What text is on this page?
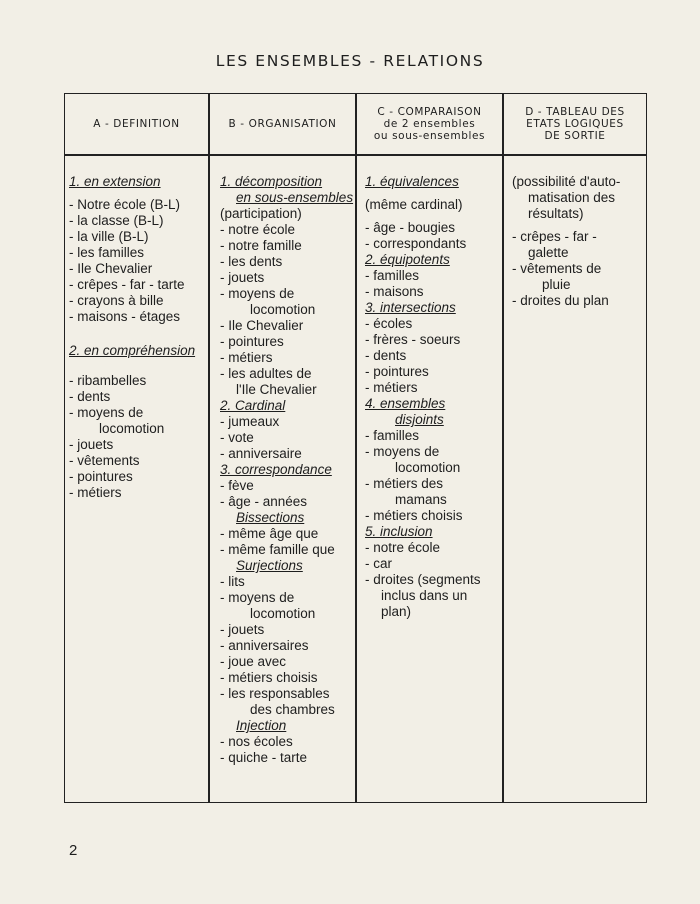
LES ENSEMBLES - RELATIONS
A - DEFINITION	B - ORGANISATION
C - COMPARAISON
de 2 ensembles
ou sous-ensembles
D - TABLEAU DES
ETATS LOGIQUES
DE SORTIE
1. en extension
- Notre école (B-L)
- la classe (B-L)
- la ville (B-L)
- les familles
- Ile Chevalier
- crêpes - far - tarte
- crayons à bille
- maisons - étages
2. en compréhension
- ribambelles
- dents
- moyens de
locomotion
- jouets
- vêtements
- pointures
- métiers
1. décomposition
en sous-ensembles
(participation)
- notre école
- notre famille
- les dents
- jouets
- moyens de
locomotion
- Ile Chevalier
- pointures
- métiers
- les adultes de
l'Ile Chevalier
2. Cardinal
- jumeaux
- vote
- anniversaire
3. correspondance
- fève
- âge - années
Bissections
- même âge que
- même famille que
Surjections
- lits
- moyens de
locomotion
- jouets
- anniversaires
- joue avec
- métiers choisis
- les responsables
des chambres
Injection
- nos écoles
- quiche - tarte
1. équivalences
(même cardinal)
- âge - bougies
- correspondants
2. équipotents
- familles
- maisons
3. intersections
- écoles
- frères - soeurs
- dents
- pointures
- métiers
4. ensembles
disjoints
- familles
- moyens de
locomotion
- métiers des
mamans
- métiers choisis
5. inclusion
- notre école
- car
- droites (segments
inclus dans un
plan)
(possibilité d'auto-
matisation des
résultats)
- crêpes - far -
galette
- vêtements de
pluie
- droites du plan
2
